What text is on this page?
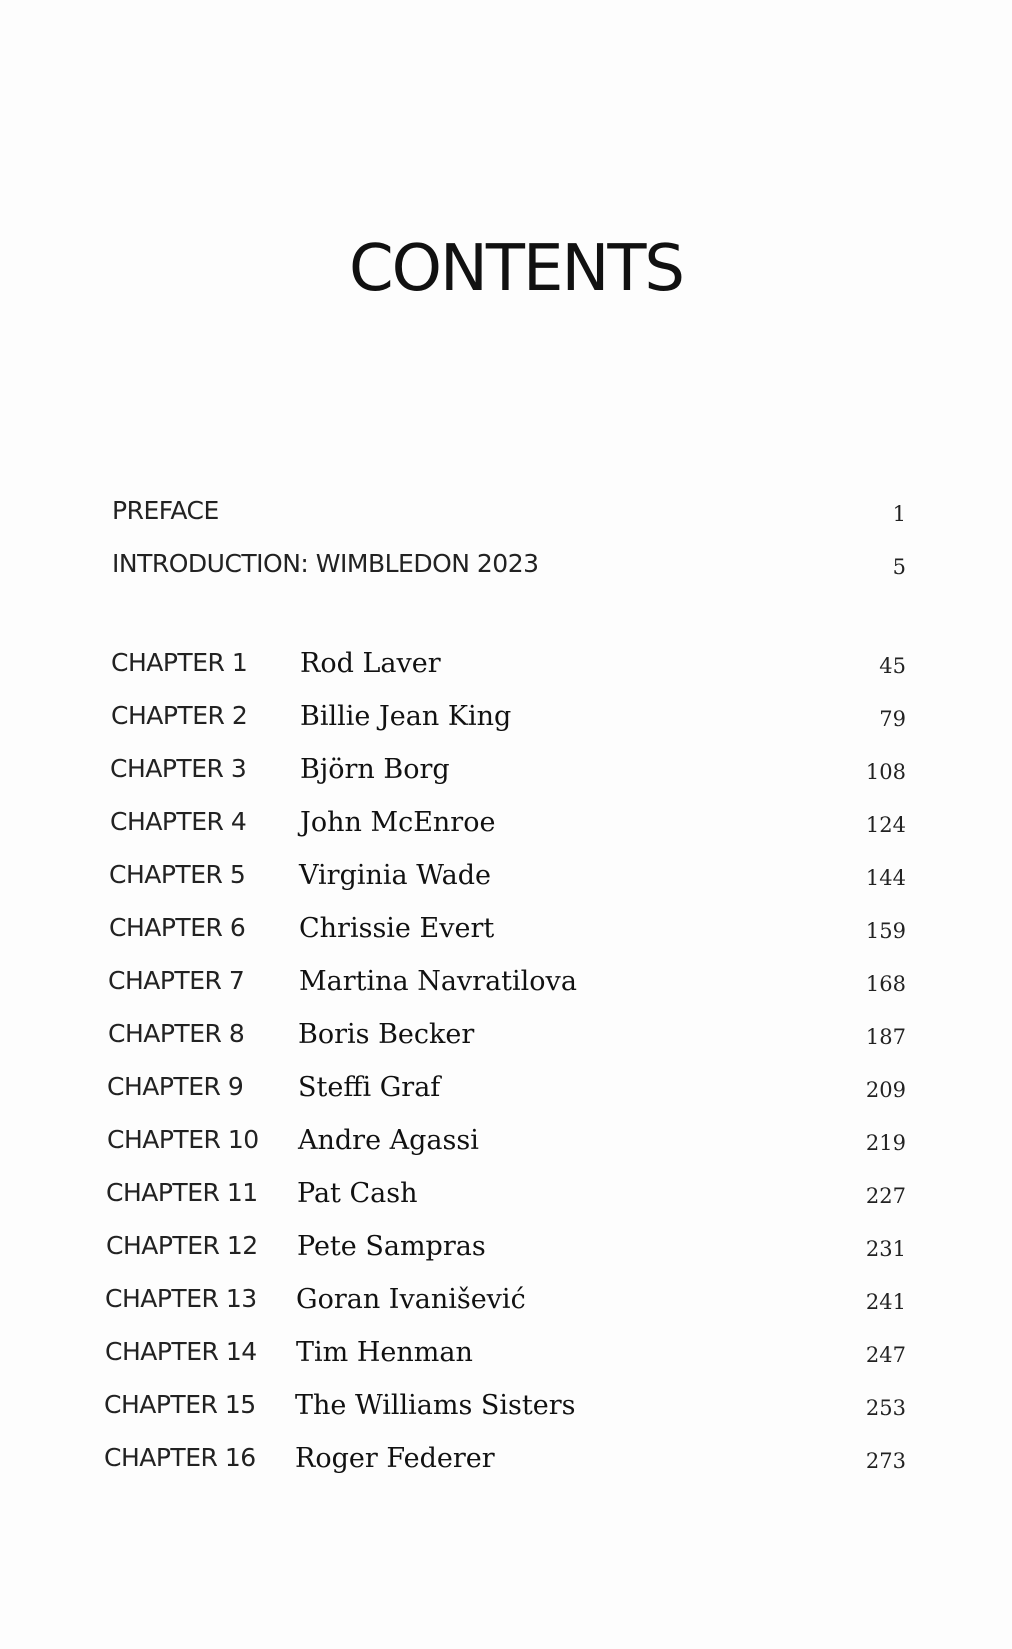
CONTENTS
PREFACE	1
INTRODUCTION: WIMBLEDON 2023	5
CHAPTER 1 Rod Laver	45
CHAPTER 2 Billie Jean King	79
CHAPTER 3 Björn Borg	108
CHAPTER 4 John McEnroe	124
CHAPTER 5 Virginia Wade	144
CHAPTER 6 Chrissie Evert	159
CHAPTER 7 Martina Navratilova	168
CHAPTER 8 Boris Becker	187
CHAPTER 9 Steffi Graf	209
CHAPTER 10 Andre Agassi	219
CHAPTER 11 Pat Cash	227
CHAPTER 12 Pete Sampras	231
CHAPTER 13 Goran Ivanišević	241
CHAPTER 14 Tim Henman	247
CHAPTER 15 The Williams Sisters	253
CHAPTER 16 Roger Federer	273
